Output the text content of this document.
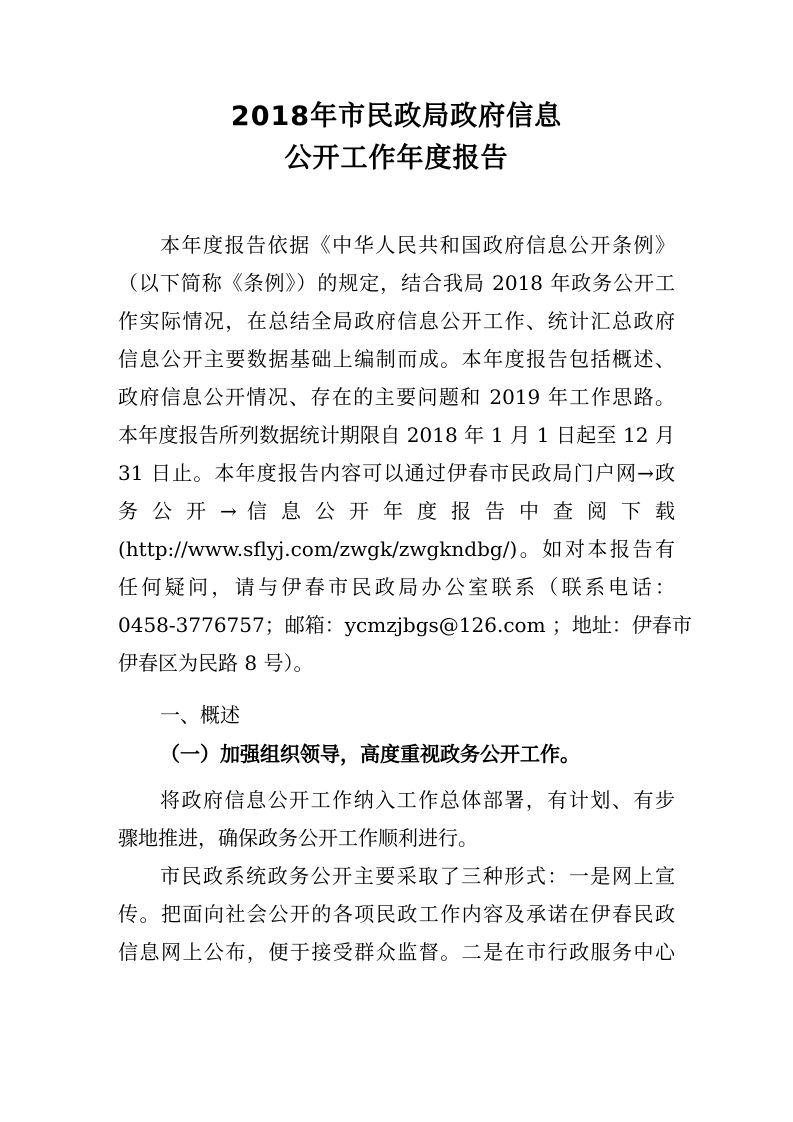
2018年市民政局政府信息
公开工作年度报告
本年度报告依据《中华人民共和国政府信息公开条例》
（以下简称《条例》）的规定，结合我局 2018 年政务公开工
作实际情况，在总结全局政府信息公开工作、统计汇总政府
信息公开主要数据基础上编制而成。本年度报告包括概述、
政府信息公开情况、存在的主要问题和 2019 年工作思路。
本年度报告所列数据统计期限自 2018 年 1 月 1 日起至 12 月
31 日止。本年度报告内容可以通过伊春市民政局门户网→政
务 公 开 → 信 息 公 开 年 度 报 告 中 查 阅 下 载
(http://www.sflyj.com/zwgk/zwgkndbg/)。如对本报告有
任何疑问，请与伊春市民政局办公室联系（联系电话：
0458-3776757；邮箱：ycmzjbgs@126.com ；地址：伊春市
伊春区为民路 8 号）。
一、概述
（一）加强组织领导，高度重视政务公开工作。
将政府信息公开工作纳入工作总体部署，有计划、有步
骤地推进，确保政务公开工作顺利进行。
市民政系统政务公开主要采取了三种形式：一是网上宣
传。把面向社会公开的各项民政工作内容及承诺在伊春民政
信息网上公布，便于接受群众监督。二是在市行政服务中心
